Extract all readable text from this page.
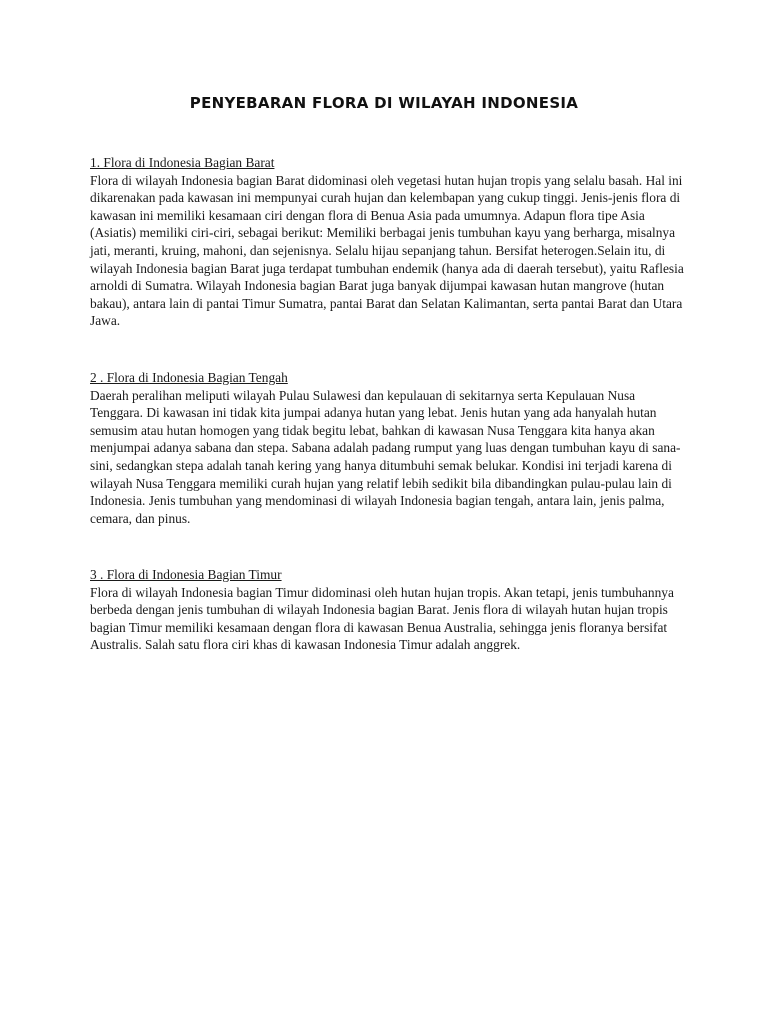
PENYEBARAN FLORA DI WILAYAH INDONESIA
1. Flora di Indonesia Bagian Barat
Flora di wilayah Indonesia bagian Barat didominasi oleh vegetasi hutan hujan tropis yang selalu basah. Hal ini dikarenakan pada kawasan ini mempunyai curah hujan dan kelembapan yang cukup tinggi. Jenis-jenis flora di kawasan ini memiliki kesamaan ciri dengan flora di Benua Asia pada umumnya. Adapun flora tipe Asia (Asiatis) memiliki ciri-ciri, sebagai berikut: Memiliki berbagai jenis tumbuhan kayu yang berharga, misalnya jati, meranti, kruing, mahoni, dan sejenisnya. Selalu hijau sepanjang tahun. Bersifat heterogen.Selain itu, di wilayah Indonesia bagian Barat juga terdapat tumbuhan endemik (hanya ada di daerah tersebut), yaitu Raflesia arnoldi di Sumatra. Wilayah Indonesia bagian Barat juga banyak dijumpai kawasan hutan mangrove (hutan bakau), antara lain di pantai Timur Sumatra, pantai Barat dan Selatan Kalimantan, serta pantai Barat dan Utara Jawa.
2 . Flora di Indonesia Bagian Tengah
Daerah peralihan meliputi wilayah Pulau Sulawesi dan kepulauan di sekitarnya serta Kepulauan Nusa Tenggara. Di kawasan ini tidak kita jumpai adanya hutan yang lebat. Jenis hutan yang ada hanyalah hutan semusim atau hutan homogen yang tidak begitu lebat, bahkan di kawasan Nusa Tenggara kita hanya akan menjumpai adanya sabana dan stepa. Sabana adalah padang rumput yang luas dengan tumbuhan kayu di sana-sini, sedangkan stepa adalah tanah kering yang hanya ditumbuhi semak belukar. Kondisi ini terjadi karena di wilayah Nusa Tenggara memiliki curah hujan yang relatif lebih sedikit bila dibandingkan pulau-pulau lain di Indonesia. Jenis tumbuhan yang mendominasi di wilayah Indonesia bagian tengah, antara lain, jenis palma, cemara, dan pinus.
3 . Flora di Indonesia Bagian Timur
Flora di wilayah Indonesia bagian Timur didominasi oleh hutan hujan tropis. Akan tetapi, jenis tumbuhannya berbeda dengan jenis tumbuhan di wilayah Indonesia bagian Barat. Jenis flora di wilayah hutan hujan tropis bagian Timur memiliki kesamaan dengan flora di kawasan Benua Australia, sehingga jenis floranya bersifat Australis. Salah satu flora ciri khas di kawasan Indonesia Timur adalah anggrek.
